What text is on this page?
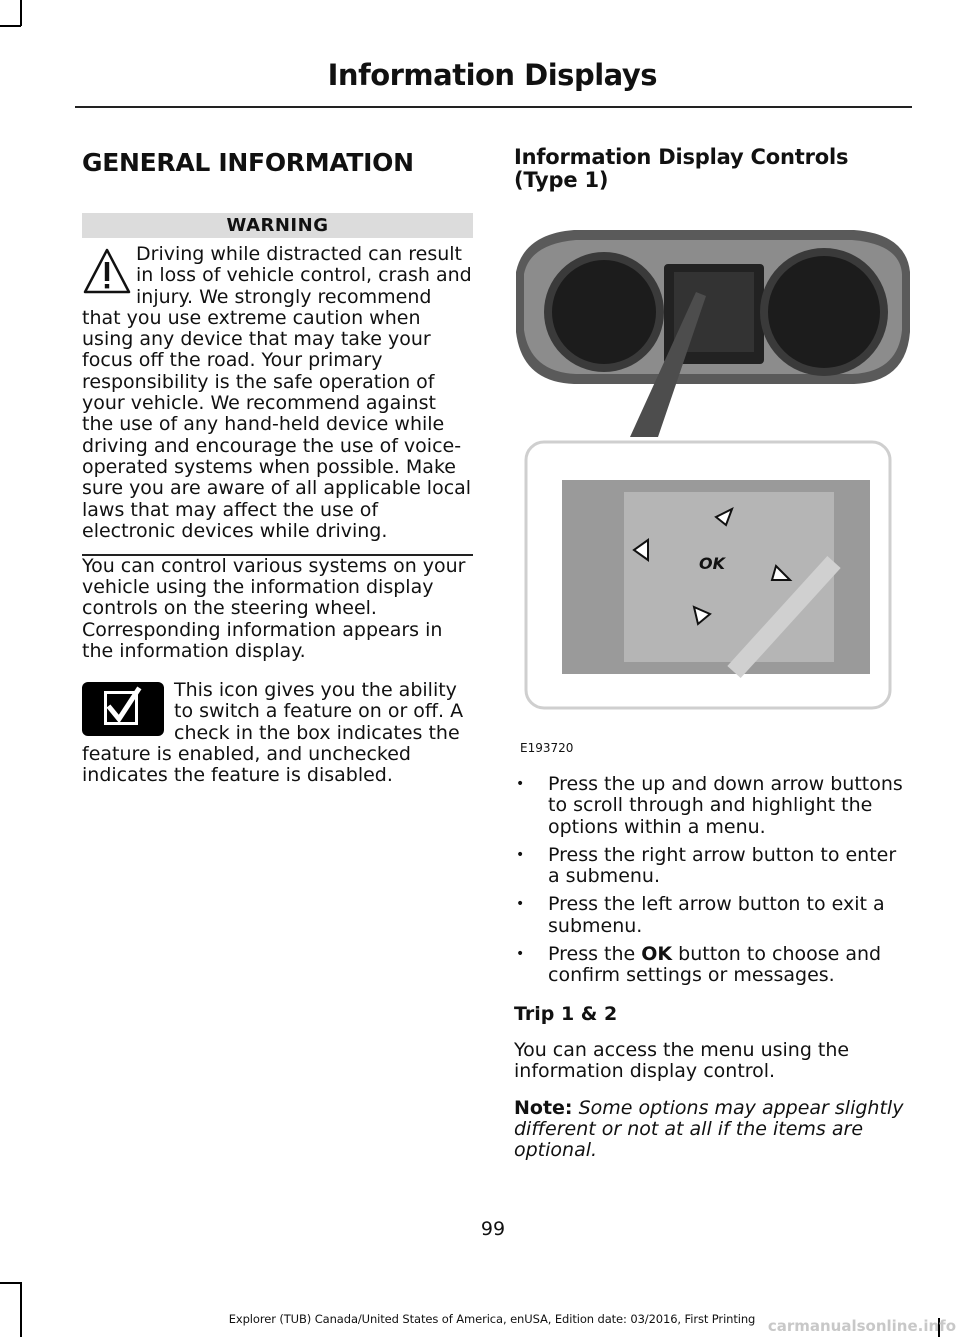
Information Displays
GENERAL INFORMATION
WARNING
Driving while distracted can result in loss of vehicle control, crash and injury. We strongly recommend that you use extreme caution when using any device that may take your focus off the road. Your primary responsibility is the safe operation of your vehicle. We recommend against the use of any hand-held device while driving and encourage the use of voice-operated systems when possible. Make sure you are aware of all applicable local laws that may affect the use of electronic devices while driving.

You can control various systems on your vehicle using the information display controls on the steering wheel. Corresponding information appears in the information display.

This icon gives you the ability to switch a feature on or off. A check in the box indicates the feature is enabled, and unchecked indicates the feature is disabled.
Information Display Controls (Type 1)
OK
E193720
• Press the up and down arrow buttons to scroll through and highlight the options within a menu.
• Press the right arrow button to enter a submenu.
• Press the left arrow button to exit a submenu.
• Press the OK button to choose and confirm settings or messages.
Trip 1 & 2

You can access the menu using the information display control.

Note: Some options may appear slightly different or not at all if the items are optional.
99
Explorer (TUB) Canada/United States of America, enUSA, Edition date: 03/2016, First Printing carmanualsonline.info
